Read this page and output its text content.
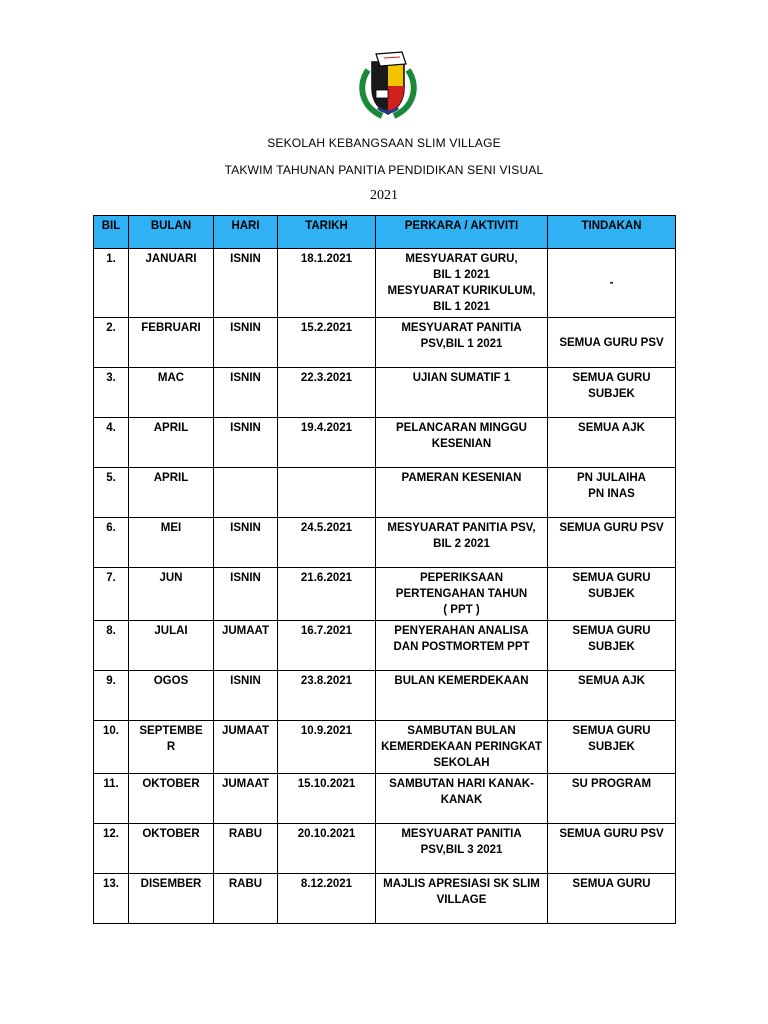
SEKOLAH KEBANGSAAN SLIM VILLAGE
TAKWIM TAHUNAN PANITIA PENDIDIKAN SENI VISUAL
2021
BIL	BULAN	HARI	TARIKH	PERKARA / AKTIVITI	TINDAKAN
1.	JANUARI	ISNIN	18.1.2021	MESYUARAT GURU,
BIL 1 2021
MESYUARAT KURIKULUM,
BIL 1 2021	-
2.	FEBRUARI	ISNIN	15.2.2021	MESYUARAT PANITIA
PSV,BIL 1 2021	SEMUA GURU PSV
3.	MAC	ISNIN	22.3.2021	UJIAN SUMATIF 1	SEMUA GURU
SUBJEK
4.	APRIL	ISNIN	19.4.2021	PELANCARAN MINGGU
KESENIAN	SEMUA AJK
5.	APRIL			PAMERAN KESENIAN	PN JULAIHA
PN INAS
6.	MEI	ISNIN	24.5.2021	MESYUARAT PANITIA PSV,
BIL 2 2021	SEMUA GURU PSV
7.	JUN	ISNIN	21.6.2021	PEPERIKSAAN
PERTENGAHAN TAHUN
( PPT )	SEMUA GURU
SUBJEK
8.	JULAI	JUMAAT	16.7.2021	PENYERAHAN ANALISA
DAN POSTMORTEM PPT	SEMUA GURU
SUBJEK
9.	OGOS	ISNIN	23.8.2021	BULAN KEMERDEKAAN	SEMUA AJK
10.	SEPTEMBE
R	JUMAAT	10.9.2021	SAMBUTAN BULAN
KEMERDEKAAN PERINGKAT
SEKOLAH	SEMUA GURU
SUBJEK
11.	OKTOBER	JUMAAT	15.10.2021	SAMBUTAN HARI KANAK-
KANAK	SU PROGRAM
12.	OKTOBER	RABU	20.10.2021	MESYUARAT PANITIA
PSV,BIL 3 2021	SEMUA GURU PSV
13.	DISEMBER	RABU	8.12.2021	MAJLIS APRESIASI SK SLIM
VILLAGE	SEMUA GURU
